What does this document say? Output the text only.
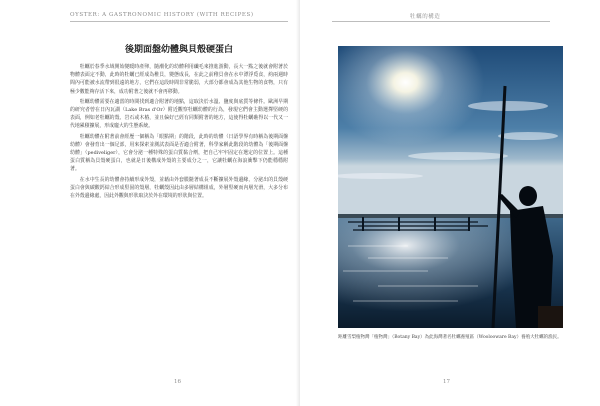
OYSTER: A GASTRONOMIC HISTORY (WITH RECIPES)
後期面盤幼體與貝殼硬蛋白

牡蠣於春季水域開始變暖時產卵，隨潮化的幼體利用纖毛來推進游動，長大一點之後就會附著於物體表面定不動，此時的牡蠣已經成為稚貝，變態成長，在此之前稚貝會在水中漂浮覓食，約兩週時間內可能被水流帶到很遠的地方，它們在這段時間非常脆弱，大部分都會成為其他生物的食物，只有極少數能夠存活下來，成功附著之後就不會再移動。

牡蠣幼體需要在適當的時間找到適合附著的地點，這取決於水溫、鹽度與底質等條件。歐洲早期的研究者曾在日內瓦湖（Lake Bras d'Or）附近觀察牡蠣幼體的行為，發現它們會主動選擇堅硬的表面，例如老牡蠣的殼、岩石或木樁，並且偏好已經有同類附著的地方，這使得牡蠣礁得以一代又一代地累積擴展，形成龐大的生態系統。

牡蠣幼體在附著前會經歷一個稱為「眼點期」的階段，此時的幼體（日語學界有時稱為後期面盤幼體）會發育出一個足部，用來探索並測試表面是否適合附著，科學家稱此階段的幼體為「後期面盤幼體」（pediveliger），它會分泌一種特殊的蛋白質黏合劑，把自己牢牢固定在選定的位置上。這種蛋白質稱為貝殼硬蛋白，也就是日後構成外殼的主要成分之一，它讓牡蠣在海浪衝擊下仍能穩穩附著。

在水中生長的幼體會持續形成外殼，並藉由外套膜隨著成長不斷擴展外殼邊緣，分泌出的貝殼硬蛋白會與碳酸鈣結合形成堅固的殼層，牡蠣殼因此由多層結構組成，外層堅硬而內層光滑，大多分布在外殼邊緣處，因此外觀與形狀取決於外在環境的形狀與位置。

16
牡蠣的構造
17
距離雪梨植物灣「植物灣」（Botany Bay）為此海灣著名牡蠣養殖區（Woolooware Bay）養殖大牡蠣的漁民。
